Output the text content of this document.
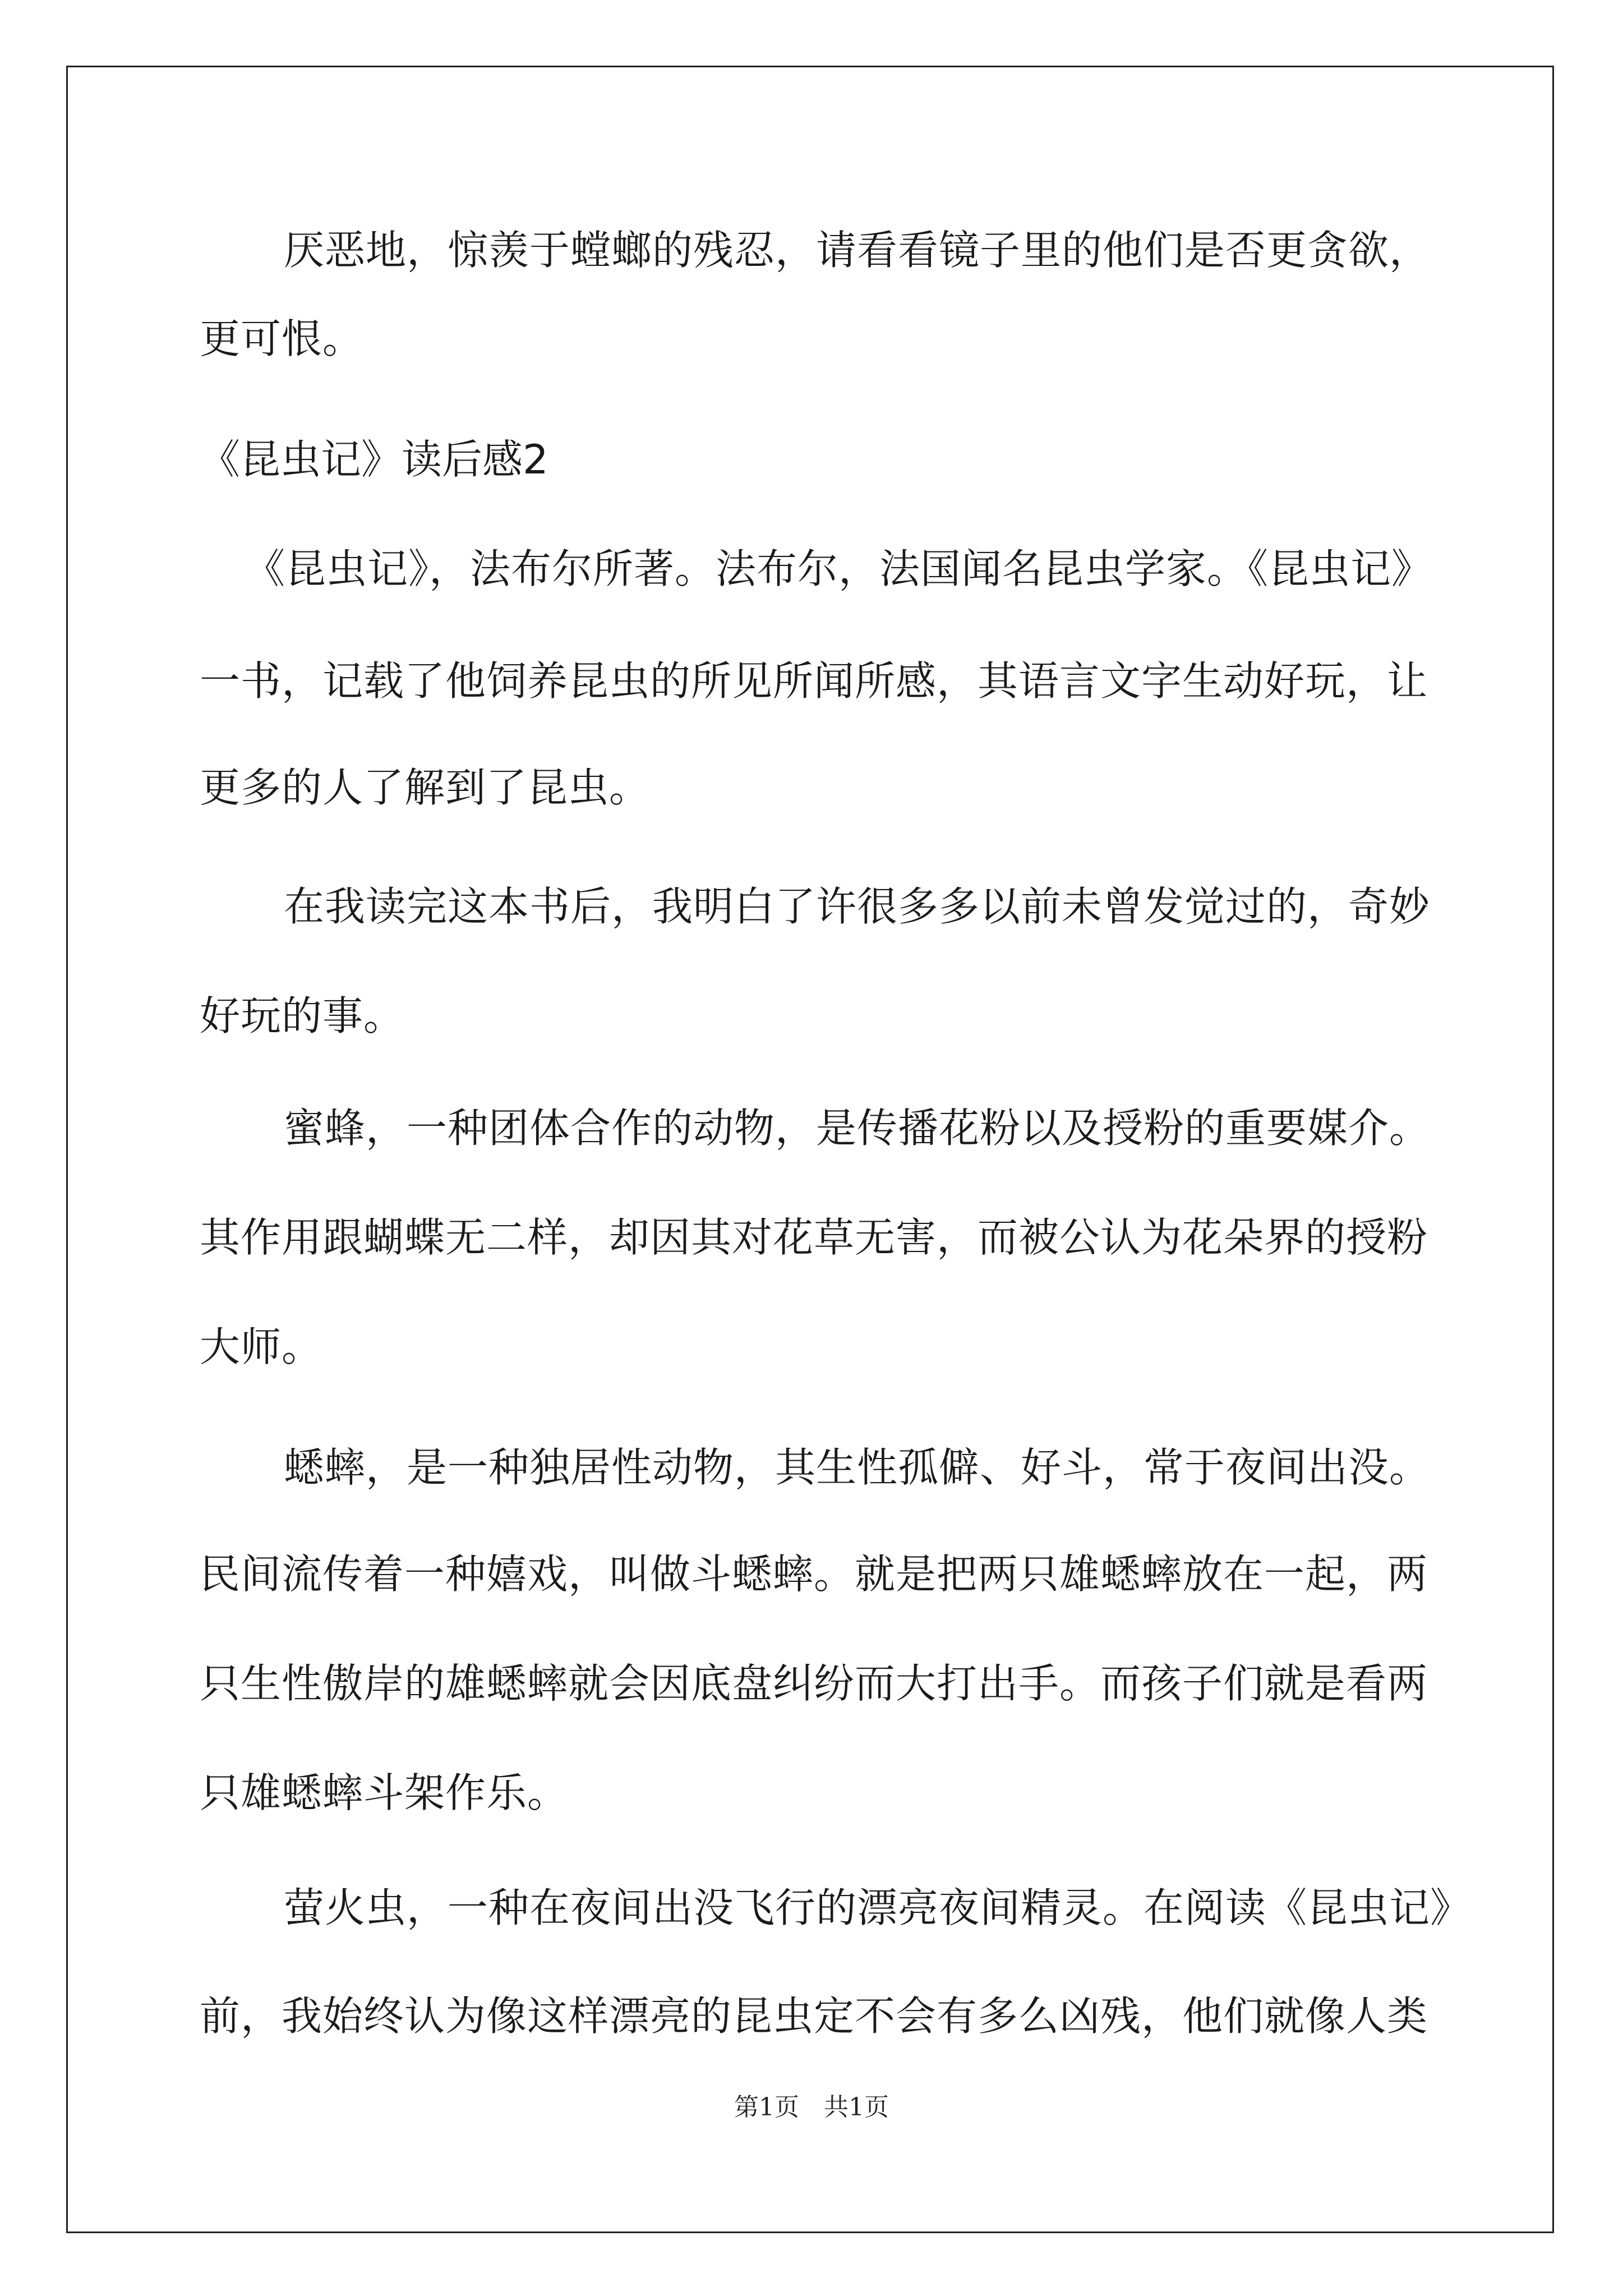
厌恶地，惊羡于螳螂的残忍，请看看镜子里的他们是否更贪欲，
更可恨。
《昆虫记》读后感2
《昆虫记》，法布尔所著。法布尔，法国闻名昆虫学家。《昆虫记》
一书，记载了他饲养昆虫的所见所闻所感，其语言文字生动好玩，让
更多的人了解到了昆虫。
在我读完这本书后，我明白了许很多多以前未曾发觉过的，奇妙
好玩的事。
蜜蜂，一种团体合作的动物，是传播花粉以及授粉的重要媒介。
其作用跟蝴蝶无二样，却因其对花草无害，而被公认为花朵界的授粉
大师。
蟋蟀，是一种独居性动物，其生性孤僻、好斗，常于夜间出没。
民间流传着一种嬉戏，叫做斗蟋蟀。就是把两只雄蟋蟀放在一起，两
只生性傲岸的雄蟋蟀就会因底盘纠纷而大打出手。而孩子们就是看两
只雄蟋蟀斗架作乐。
萤火虫，一种在夜间出没飞行的漂亮夜间精灵。在阅读《昆虫记》
前，我始终认为像这样漂亮的昆虫定不会有多么凶残，他们就像人类
第1页　共1页
